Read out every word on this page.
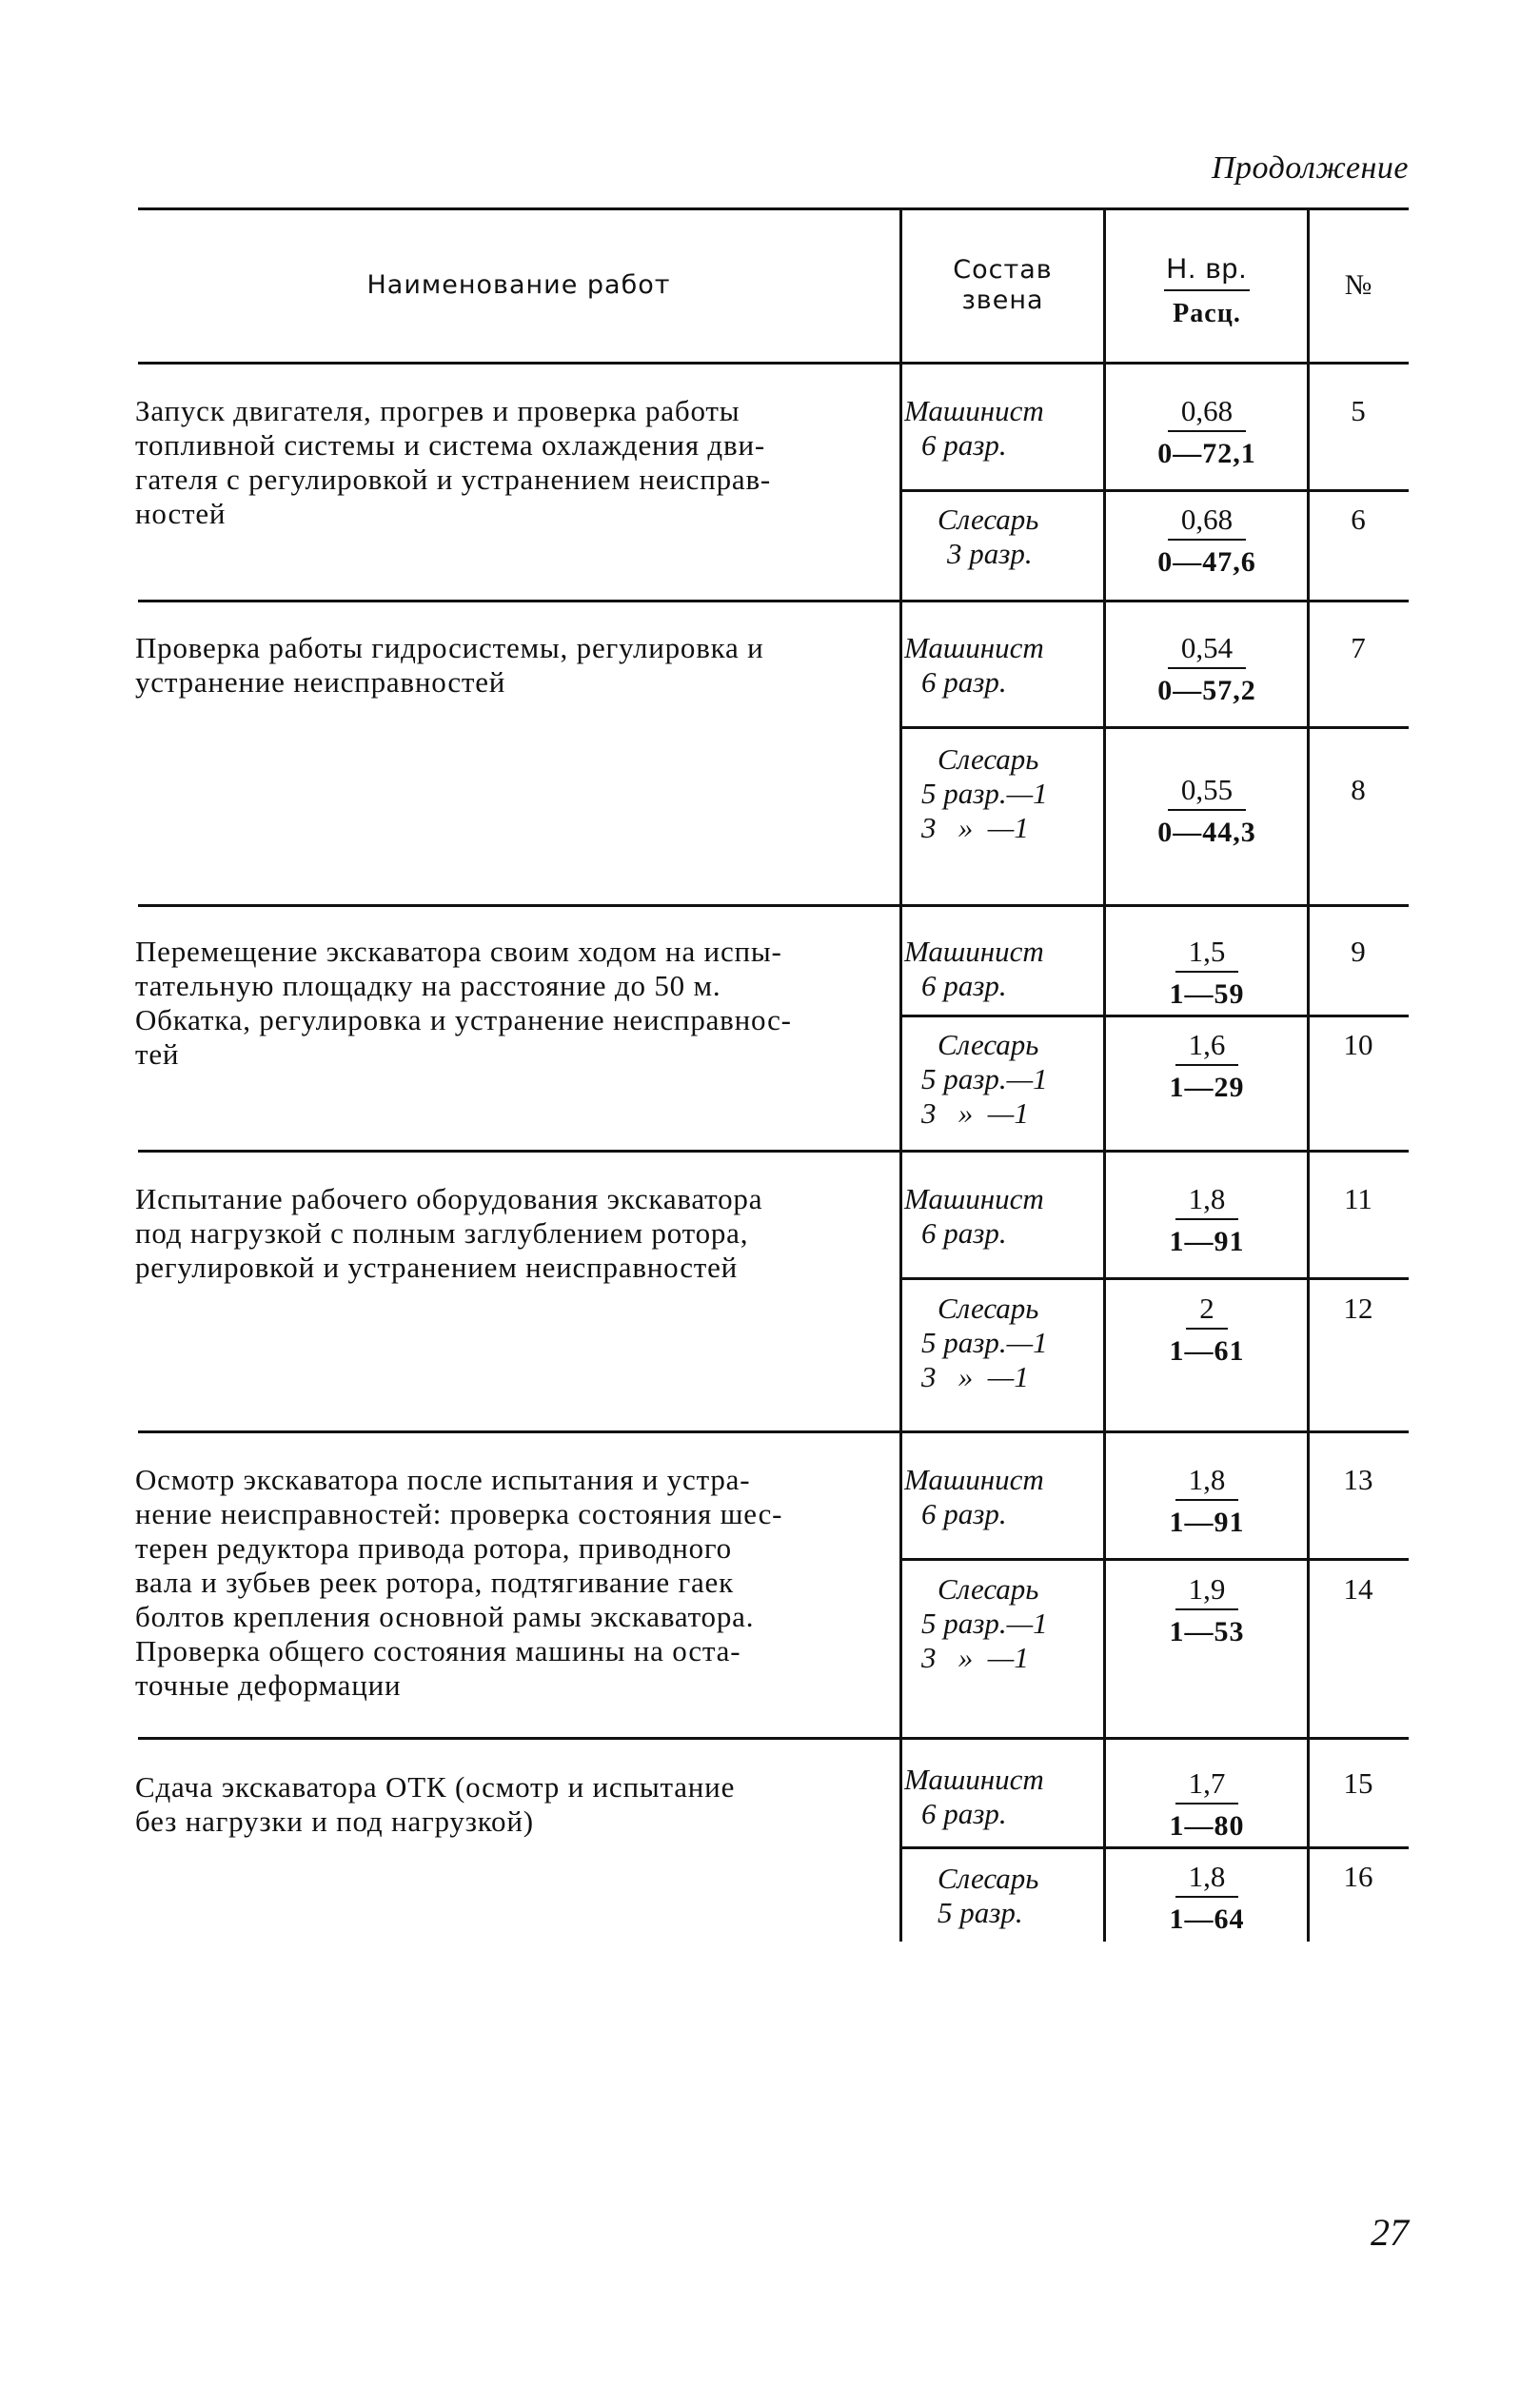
Продолжение
Наименование работ
Состав
звена
Н. вр.
Расц.
№
Запуск двигателя, прогрев и проверка работы
топливной системы и система охлаждения дви-
гателя с регулировкой и устранением неисправ-
ностей
Машинист
6 разр.
0,68
0—72,1
5
Слесарь
3 разр.
0,68
0—47,6
6
Проверка работы гидросистемы, регулировка и
устранение неисправностей
Машинист
6 разр.
0,54
0—57,2
7
Слесарь
5 разр.—1
3   »  —1
0,55
0—44,3
8
Перемещение экскаватора своим ходом на испы-
тательную площадку на расстояние до 50 м.
Обкатка, регулировка и устранение неисправнос-
тей
Машинист
6 разр.
1,5
1—59
9
Слесарь
5 разр.—1
3   »  —1
1,6
1—29
10
Испытание рабочего оборудования экскаватора
под нагрузкой с полным заглублением ротора,
регулировкой и устранением неисправностей
Машинист
6 разр.
1,8
1—91
11
Слесарь
5 разр.—1
3   »  —1
2
1—61
12
Осмотр экскаватора после испытания и устра-
нение неисправностей: проверка состояния шес-
терен редуктора привода ротора, приводного
вала и зубьев реек ротора, подтягивание гаек
болтов крепления основной рамы экскаватора.
Проверка общего состояния машины на оста-
точные деформации
Машинист
6 разр.
1,8
1—91
13
Слесарь
5 разр.—1
3   »  —1
1,9
1—53
14
Сдача экскаватора ОТК (осмотр и испытание
без нагрузки и под нагрузкой)
Машинист
6 разр.
1,7
1—80
15
Слесарь
5 разр.
1,8
1—64
16
27
